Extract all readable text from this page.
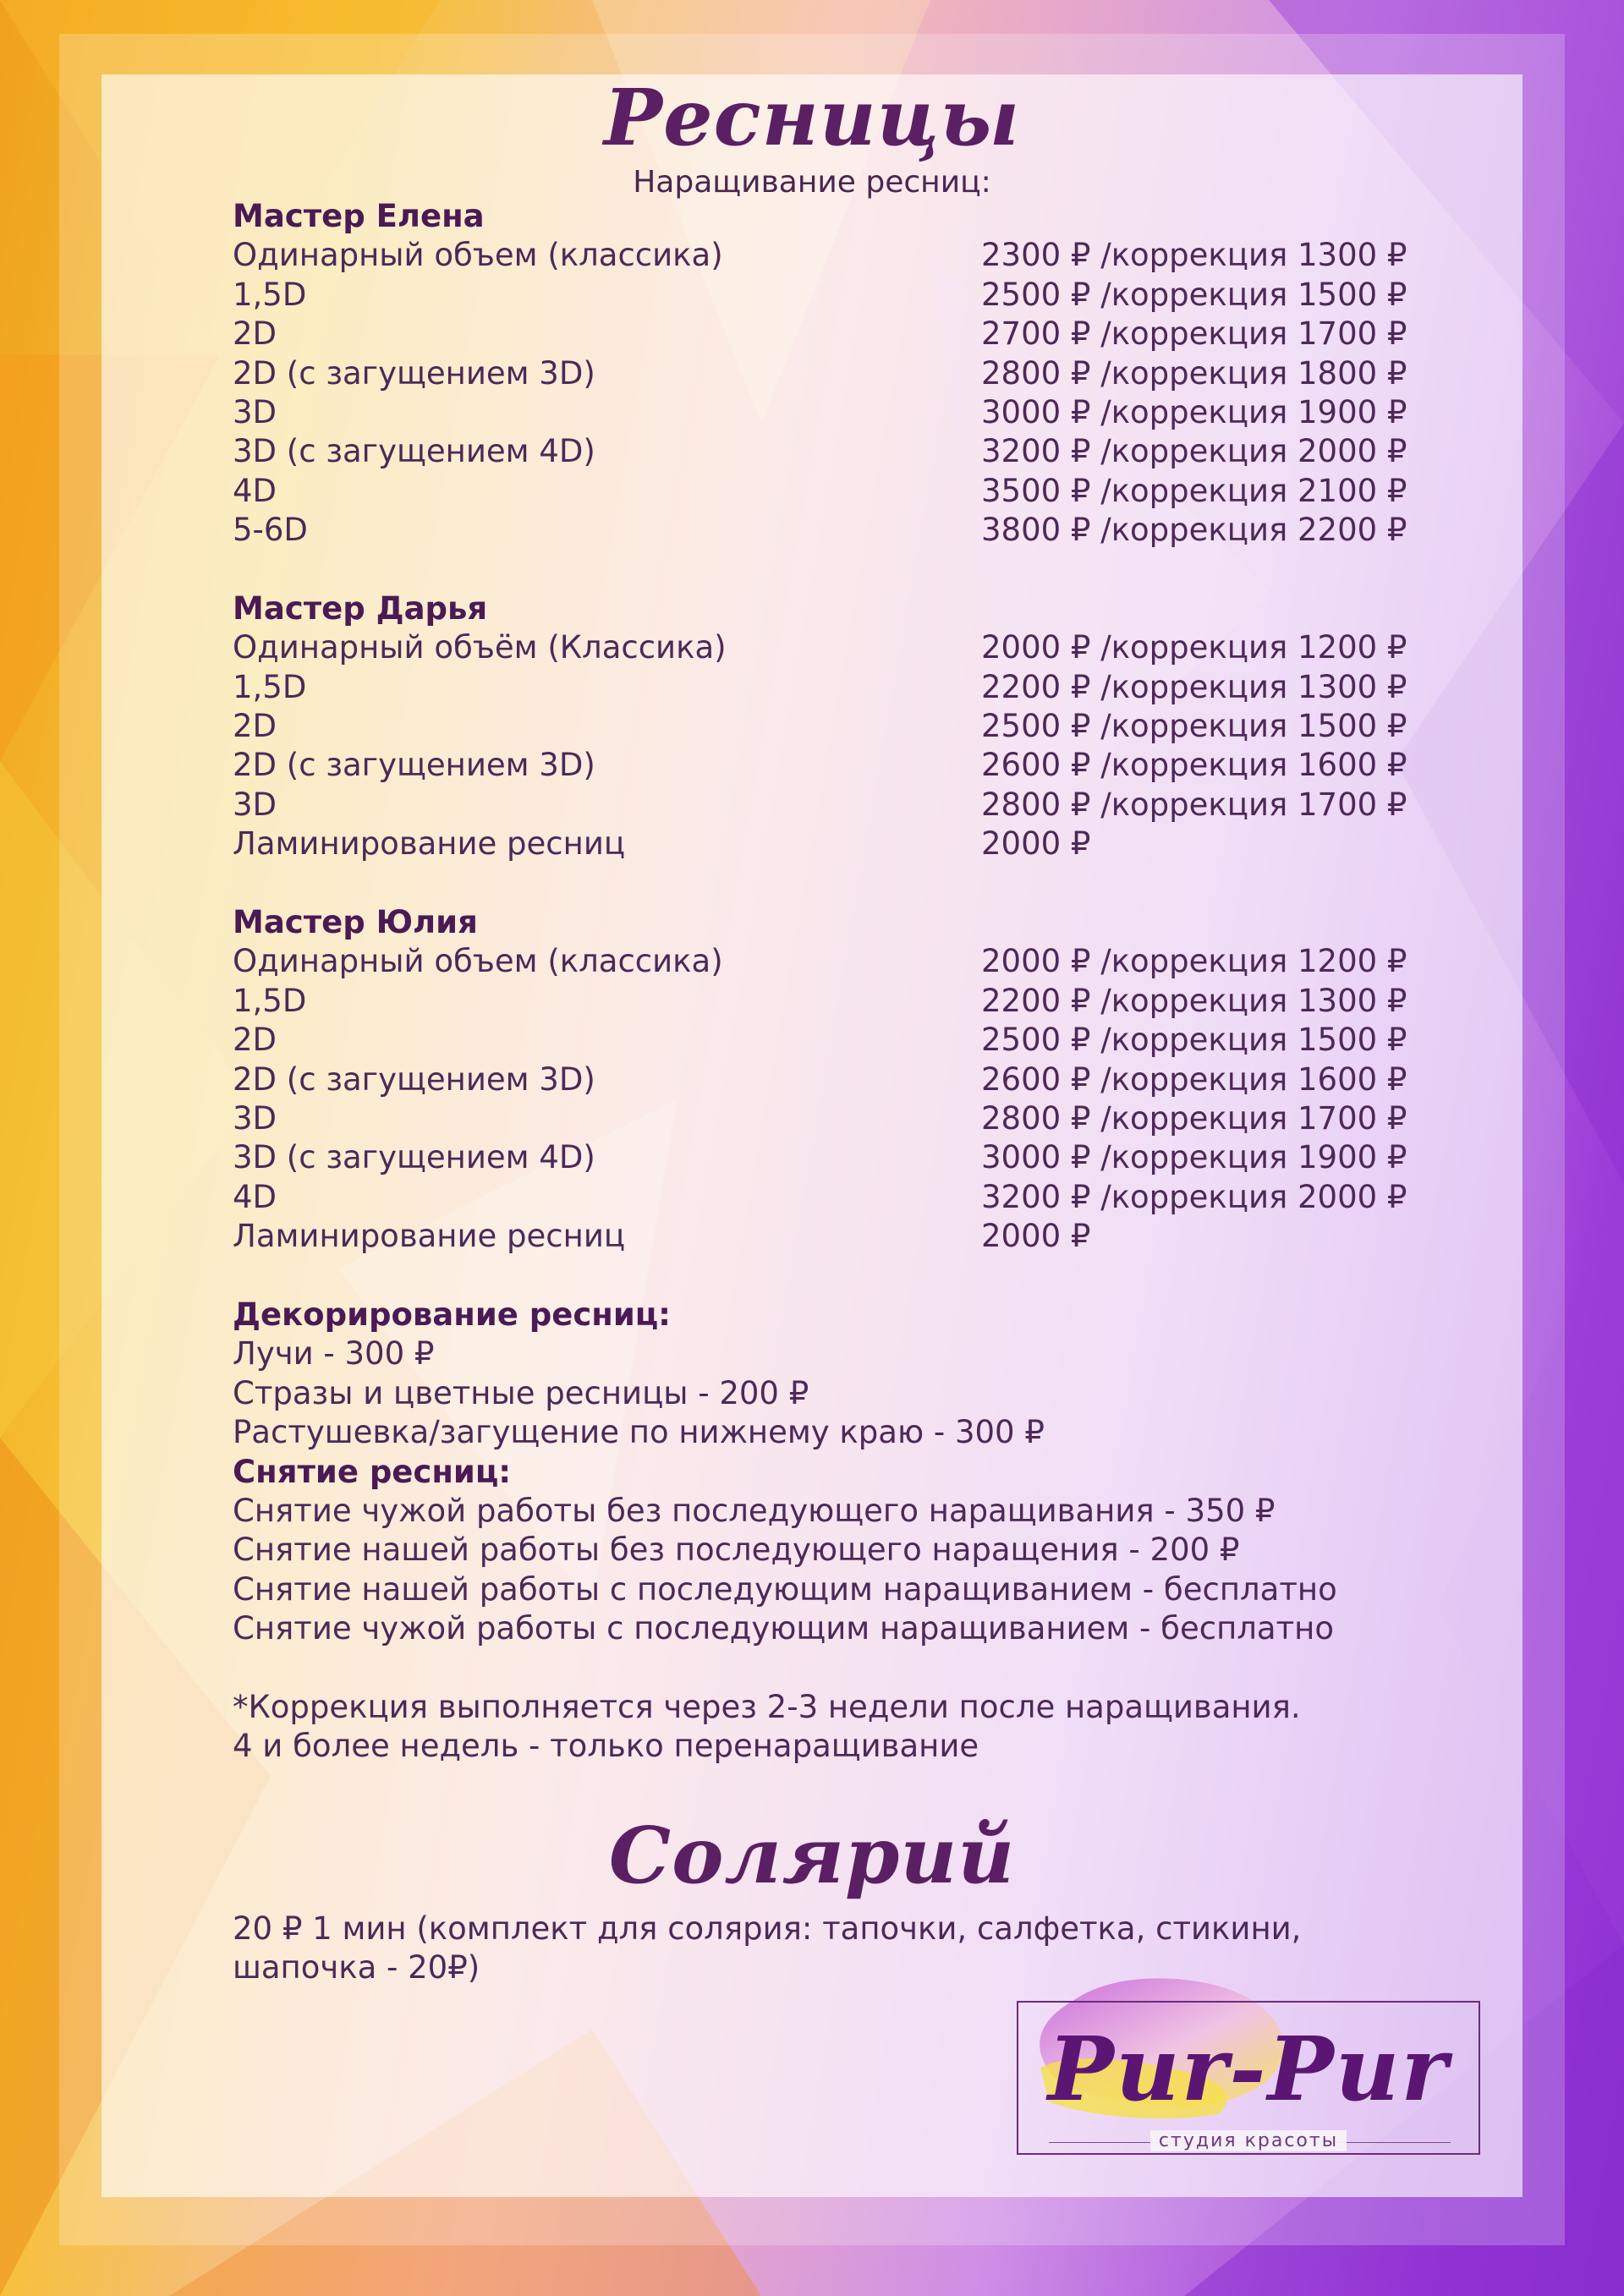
Ресницы
Наращивание ресниц:
Мастер Елена
Одинарный объем (классика)	2300 ₽ /коррекция 1300 ₽
1,5D	2500 ₽ /коррекция 1500 ₽
2D	2700 ₽ /коррекция 1700 ₽
2D (с загущением 3D)	2800 ₽ /коррекция 1800 ₽
3D	3000 ₽ /коррекция 1900 ₽
3D (с загущением 4D)	3200 ₽ /коррекция 2000 ₽
4D	3500 ₽ /коррекция 2100 ₽
5-6D	3800 ₽ /коррекция 2200 ₽
Мастер Дарья
Одинарный объём (Классика)	2000 ₽ /коррекция 1200 ₽
1,5D	2200 ₽ /коррекция 1300 ₽
2D	2500 ₽ /коррекция 1500 ₽
2D (с загущением 3D)	2600 ₽ /коррекция 1600 ₽
3D	2800 ₽ /коррекция 1700 ₽
Ламинирование ресниц	2000 ₽
Мастер Юлия
Одинарный объем (классика)	2000 ₽ /коррекция 1200 ₽
1,5D	2200 ₽ /коррекция 1300 ₽
2D	2500 ₽ /коррекция 1500 ₽
2D (с загущением 3D)	2600 ₽ /коррекция 1600 ₽
3D	2800 ₽ /коррекция 1700 ₽
3D (с загущением 4D)	3000 ₽ /коррекция 1900 ₽
4D	3200 ₽ /коррекция 2000 ₽
Ламинирование ресниц	2000 ₽
Декорирование ресниц:
Лучи - 300 ₽
Стразы и цветные ресницы - 200 ₽
Растушевка/загущение по нижнему краю - 300 ₽
Снятие ресниц:
Снятие чужой работы без последующего наращивания - 350 ₽
Снятие нашей работы без последующего наращения - 200 ₽
Снятие нашей работы с последующим наращиванием - бесплатно
Снятие чужой работы с последующим наращиванием - бесплатно
*Коррекция выполняется через 2-3 недели после наращивания.
4 и более недель - только перенаращивание
Солярий
20 ₽ 1 мин (комплект для солярия: тапочки, салфетка, стикини, шапочка - 20₽)
Pur-Pur
студия красоты
